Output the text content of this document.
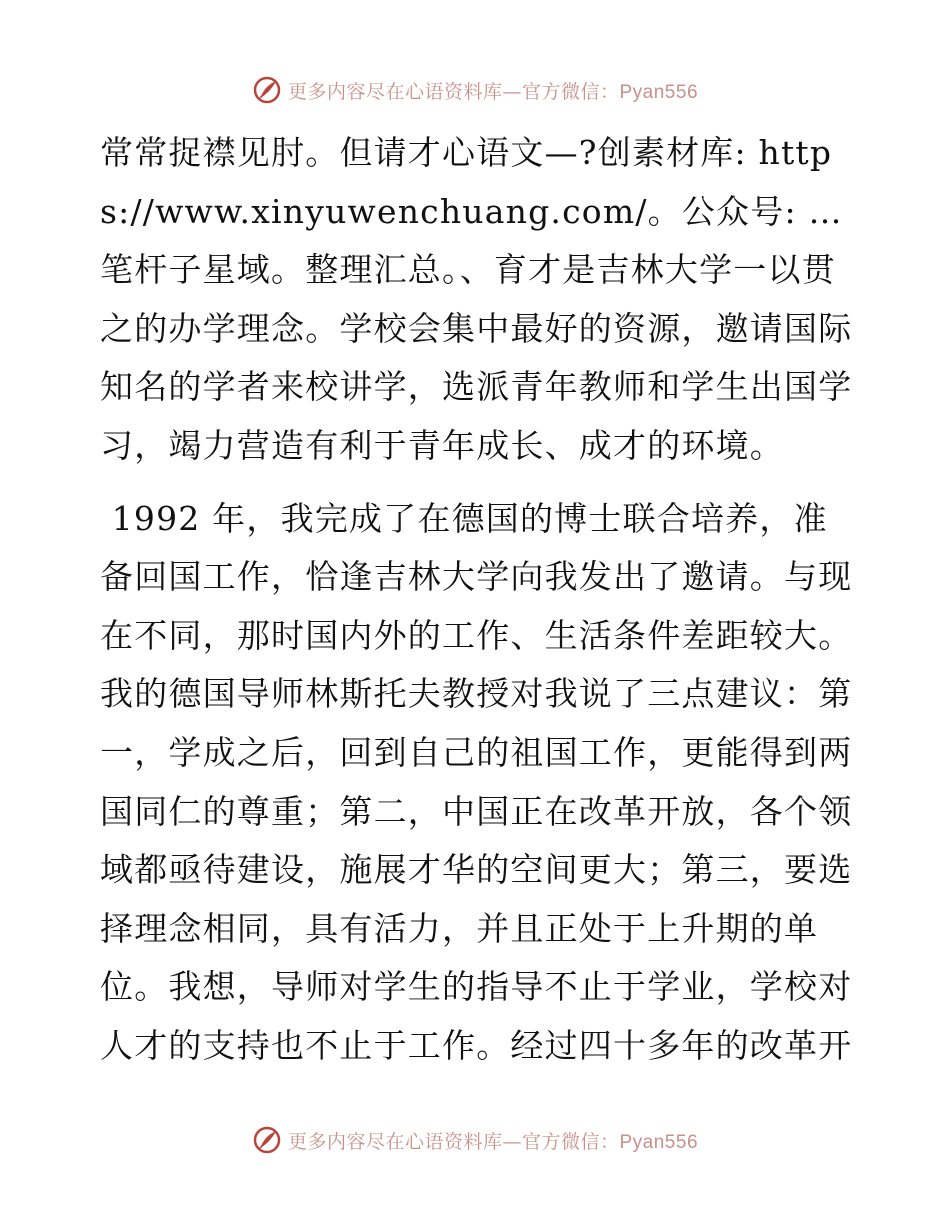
更多内容尽在心语资料库—官方微信：Pyan556

常常捉襟见肘。但请才心语文—?创素材库: https://www.xinyuwenchuang.com/。公众号: …笔杆子星域。整理汇总。、育才是吉林大学一以贯之的办学理念。学校会集中最好的资源，邀请国际知名的学者来校讲学，选派青年教师和学生出国学习，竭力营造有利于青年成长、成才的环境。

1992 年，我完成了在德国的博士联合培养，准备回国工作，恰逢吉林大学向我发出了邀请。与现在不同，那时国内外的工作、生活条件差距较大。我的德国导师林斯托夫教授对我说了三点建议：第一，学成之后，回到自己的祖国工作，更能得到两国同仁的尊重；第二，中国正在改革开放，各个领域都亟待建设，施展才华的空间更大；第三，要选择理念相同，具有活力，并且正处于上升期的单位。我想，导师对学生的指导不止于学业，学校对人才的支持也不止于工作。经过四十多年的改革开

更多内容尽在心语资料库—官方微信：Pyan556
